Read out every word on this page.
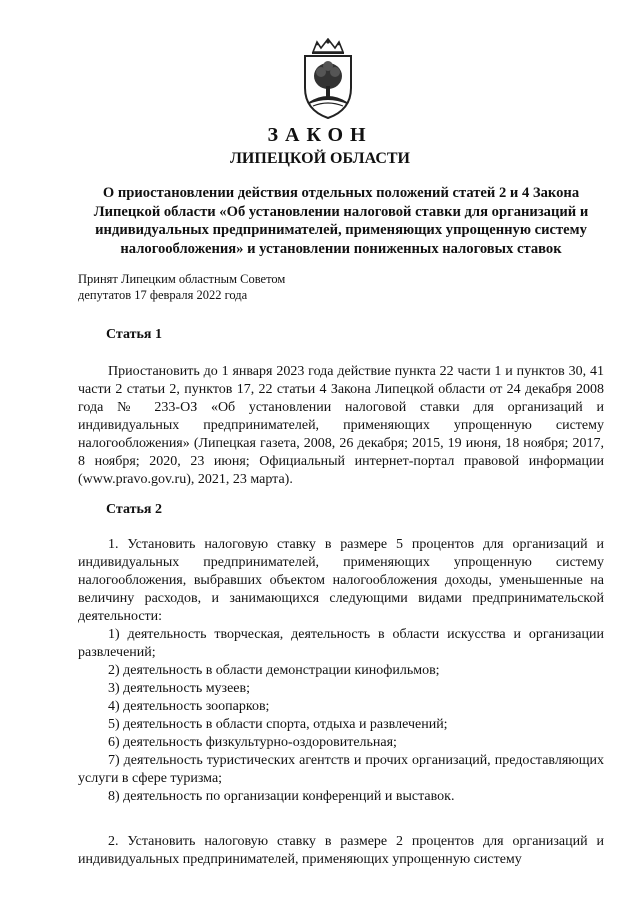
ЗАКОН
ЛИПЕЦКОЙ ОБЛАСТИ
О приостановлении действия отдельных положений статей 2 и 4 Закона Липецкой области «Об установлении налоговой ставки для организаций и индивидуальных предпринимателей, применяющих упрощенную систему налогообложения» и установлении пониженных налоговых ставок
Принят Липецким областным Советом
депутатов 17 февраля 2022 года
Статья 1

Приостановить до 1 января 2023 года действие пункта 22 части 1 и пунктов 30, 41 части 2 статьи 2, пунктов 17, 22 статьи 4 Закона Липецкой области от 24 декабря 2008 года № 233-ОЗ «Об установлении налоговой ставки для организаций и индивидуальных предпринимателей, применяющих упрощенную систему налогообложения» (Липецкая газета, 2008, 26 декабря; 2015, 19 июня, 18 ноября; 2017, 8 ноября; 2020, 23 июня; Официальный интернет-портал правовой информации (www.pravo.gov.ru), 2021, 23 марта).

Статья 2

1. Установить налоговую ставку в размере 5 процентов для организаций и индивидуальных предпринимателей, применяющих упрощенную систему налогообложения, выбравших объектом налогообложения доходы, уменьшенные на величину расходов, и занимающихся следующими видами предпринимательской деятельности:

1) деятельность творческая, деятельность в области искусства и организации развлечений;

2) деятельность в области демонстрации кинофильмов;

3) деятельность музеев;

4) деятельность зоопарков;

5) деятельность в области спорта, отдыха и развлечений;

6) деятельность физкультурно-оздоровительная;

7) деятельность туристических агентств и прочих организаций, предоставляющих услуги в сфере туризма;

8) деятельность по организации конференций и выставок.

2. Установить налоговую ставку в размере 2 процентов для организаций и индивидуальных предпринимателей, применяющих упрощенную систему
